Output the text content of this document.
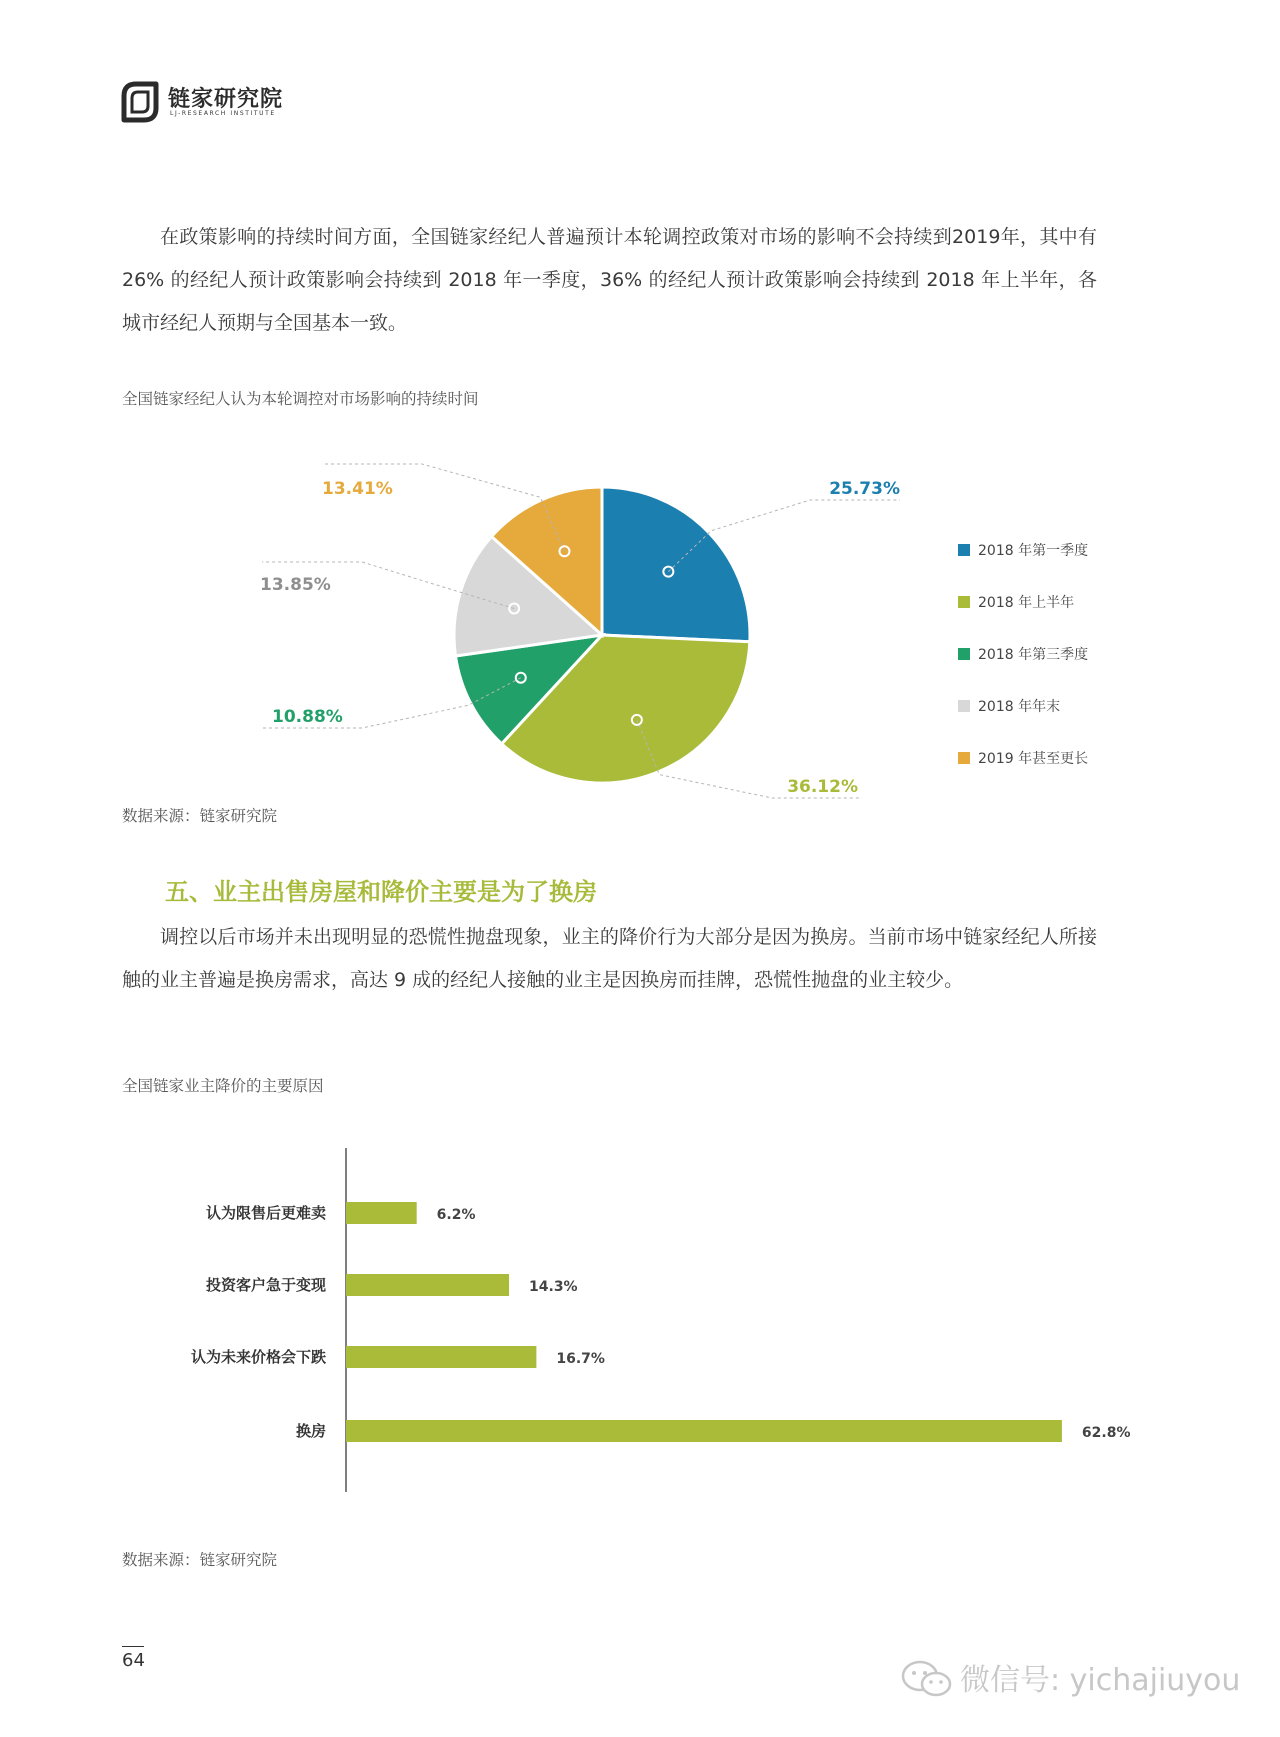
链家研究院
LJ-RESEARCH INSTITUTE

在政策影响的持续时间方面，全国链家经纪人普遍预计本轮调控政策对市场的影响不会持续到2019年，其中有 26% 的经纪人预计政策影响会持续到 2018 年一季度，36% 的经纪人预计政策影响会持续到 2018 年上半年，各城市经纪人预期与全国基本一致。

全国链家经纪人认为本轮调控对市场影响的持续时间
25.73%
36.12%
10.88%
13.85%
13.41%
2018 年第一季度
2018 年上半年
2018 年第三季度
2018 年年末
2019 年甚至更长
数据来源：链家研究院
五、业主出售房屋和降价主要是为了换房

调控以后市场并未出现明显的恐慌性抛盘现象，业主的降价行为大部分是因为换房。当前市场中链家经纪人所接触的业主普遍是换房需求，高达 9 成的经纪人接触的业主是因换房而挂牌，恐慌性抛盘的业主较少。

全国链家业主降价的主要原因
认为限售后更难卖	6.2%
投资客户急于变现	14.3%
认为未来价格会下跌	16.7%
换房	62.8%
数据来源：链家研究院
64
微信号: yichajiuyou
